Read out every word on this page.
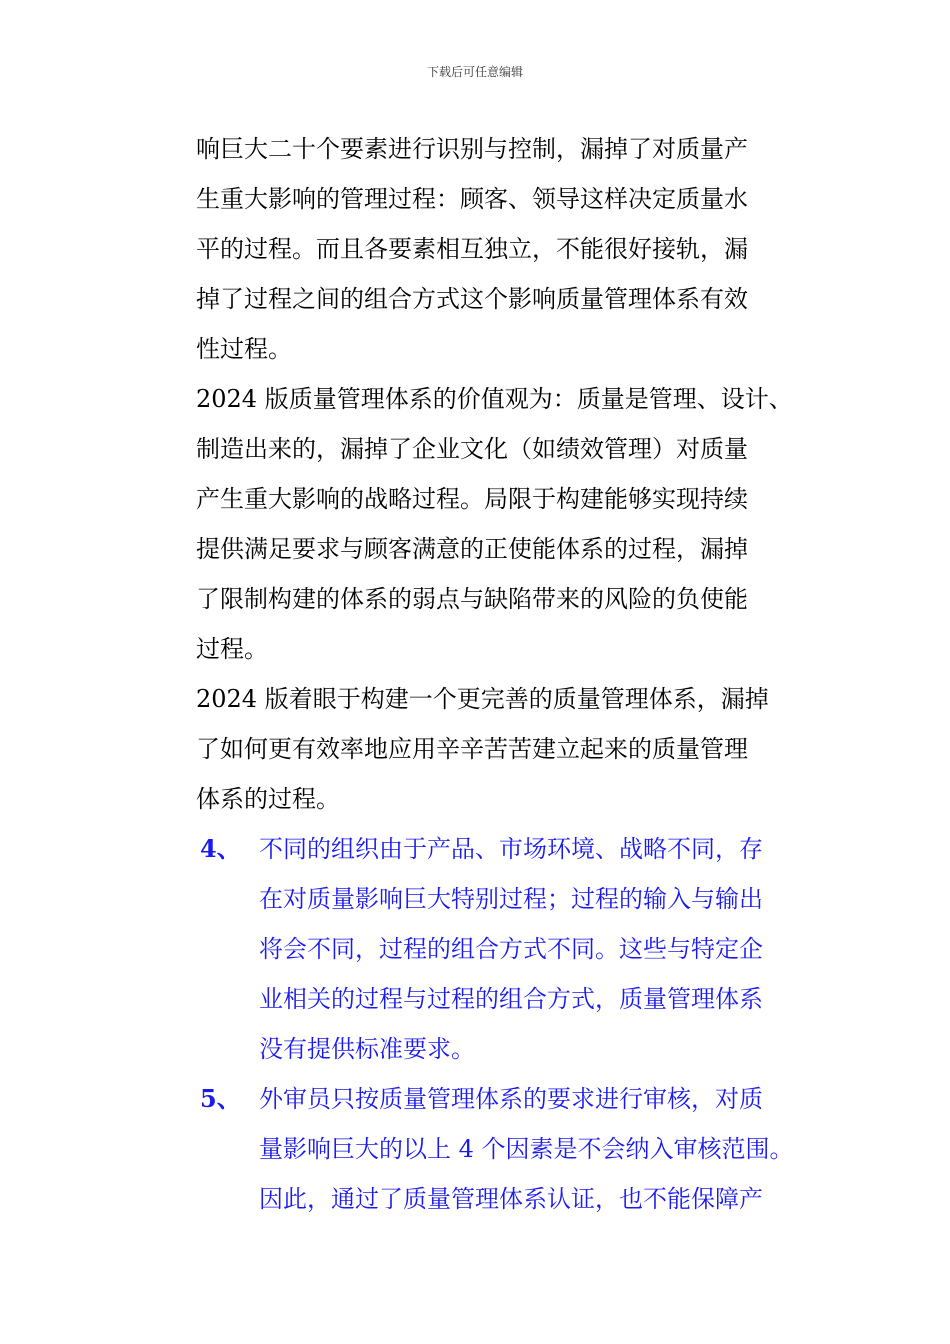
下载后可任意编辑
响巨大二十个要素进行识别与控制，漏掉了对质量产
生重大影响的管理过程：顾客、领导这样决定质量水
平的过程。而且各要素相互独立，不能很好接轨，漏
掉了过程之间的组合方式这个影响质量管理体系有效
性过程。
2024 版质量管理体系的价值观为：质量是管理、设计、
制造出来的，漏掉了企业文化（如绩效管理）对质量
产生重大影响的战略过程。局限于构建能够实现持续
提供满足要求与顾客满意的正使能体系的过程，漏掉
了限制构建的体系的弱点与缺陷带来的风险的负使能
过程。
2024 版着眼于构建一个更完善的质量管理体系，漏掉
了如何更有效率地应用辛辛苦苦建立起来的质量管理
体系的过程。
4、 不同的组织由于产品、市场环境、战略不同，存
在对质量影响巨大特别过程；过程的输入与输出
将会不同，过程的组合方式不同。这些与特定企
业相关的过程与过程的组合方式，质量管理体系
没有提供标准要求。
5、 外审员只按质量管理体系的要求进行审核，对质
量影响巨大的以上 4 个因素是不会纳入审核范围。
因此，通过了质量管理体系认证，也不能保障产
